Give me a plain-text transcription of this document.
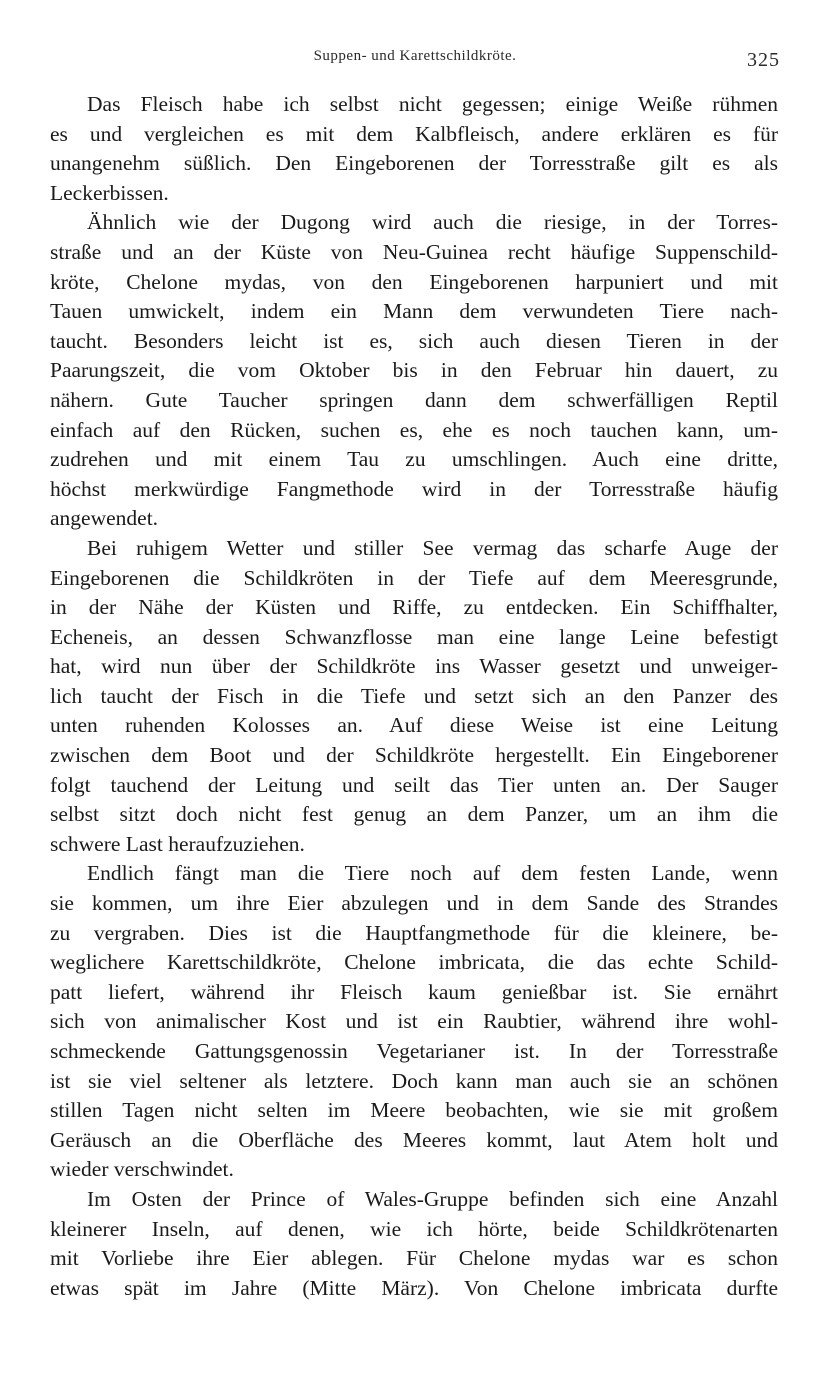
Suppen- und Karettschildkröte.	325
Das Fleisch habe ich selbst nicht gegessen; einige Weiße rühmen
es und vergleichen es mit dem Kalbfleisch, andere erklären es für
unangenehm süßlich. Den Eingeborenen der Torresstraße gilt es als
Leckerbissen.
Ähnlich wie der Dugong wird auch die riesige, in der Torres-
straße und an der Küste von Neu-Guinea recht häufige Suppenschild-
kröte, Chelone mydas, von den Eingeborenen harpuniert und mit
Tauen umwickelt, indem ein Mann dem verwundeten Tiere nach-
taucht. Besonders leicht ist es, sich auch diesen Tieren in der
Paarungszeit, die vom Oktober bis in den Februar hin dauert, zu
nähern. Gute Taucher springen dann dem schwerfälligen Reptil
einfach auf den Rücken, suchen es, ehe es noch tauchen kann, um-
zudrehen und mit einem Tau zu umschlingen. Auch eine dritte,
höchst merkwürdige Fangmethode wird in der Torresstraße häufig
angewendet.
Bei ruhigem Wetter und stiller See vermag das scharfe Auge der
Eingeborenen die Schildkröten in der Tiefe auf dem Meeresgrunde,
in der Nähe der Küsten und Riffe, zu entdecken. Ein Schiffhalter,
Echeneis, an dessen Schwanzflosse man eine lange Leine befestigt
hat, wird nun über der Schildkröte ins Wasser gesetzt und unweiger-
lich taucht der Fisch in die Tiefe und setzt sich an den Panzer des
unten ruhenden Kolosses an. Auf diese Weise ist eine Leitung
zwischen dem Boot und der Schildkröte hergestellt. Ein Eingeborener
folgt tauchend der Leitung und seilt das Tier unten an. Der Sauger
selbst sitzt doch nicht fest genug an dem Panzer, um an ihm die
schwere Last heraufzuziehen.
Endlich fängt man die Tiere noch auf dem festen Lande, wenn
sie kommen, um ihre Eier abzulegen und in dem Sande des Strandes
zu vergraben. Dies ist die Hauptfangmethode für die kleinere, be-
weglichere Karettschildkröte, Chelone imbricata, die das echte Schild-
patt liefert, während ihr Fleisch kaum genießbar ist. Sie ernährt
sich von animalischer Kost und ist ein Raubtier, während ihre wohl-
schmeckende Gattungsgenossin Vegetarianer ist. In der Torresstraße
ist sie viel seltener als letztere. Doch kann man auch sie an schönen
stillen Tagen nicht selten im Meere beobachten, wie sie mit großem
Geräusch an die Oberfläche des Meeres kommt, laut Atem holt und
wieder verschwindet.
Im Osten der Prince of Wales-Gruppe befinden sich eine Anzahl
kleinerer Inseln, auf denen, wie ich hörte, beide Schildkrötenarten
mit Vorliebe ihre Eier ablegen. Für Chelone mydas war es schon
etwas spät im Jahre (Mitte März). Von Chelone imbricata durfte
